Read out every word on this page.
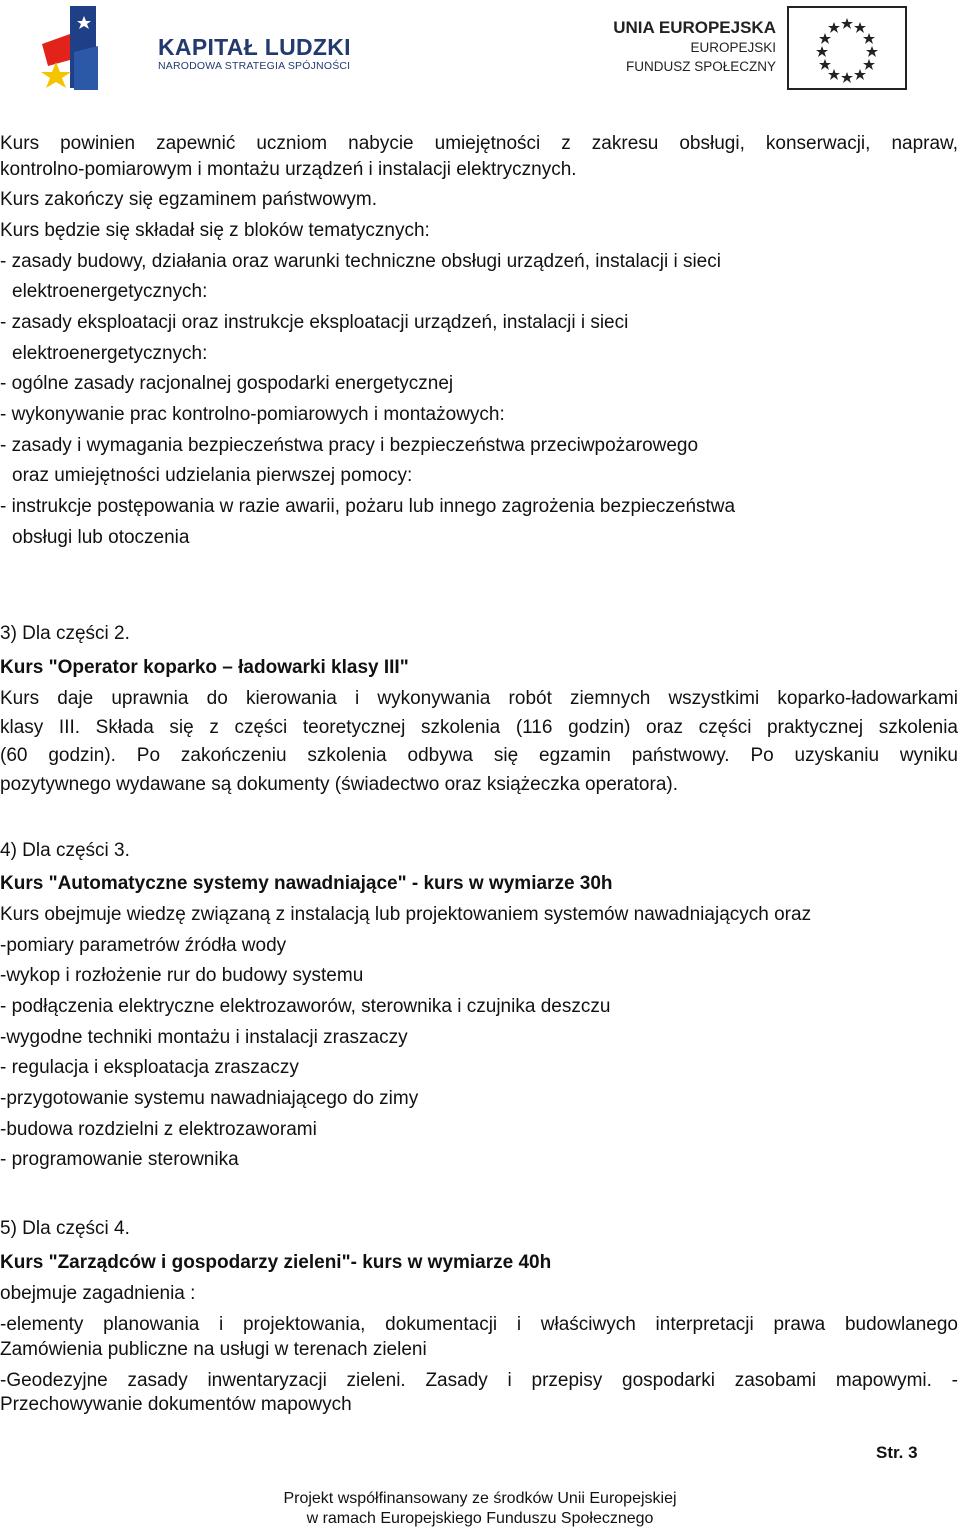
KAPITAŁ LUDZKI
NARODOWA STRATEGIA SPÓJNOŚCI
UNIA EUROPEJSKA
EUROPEJSKI
FUNDUSZ SPOŁECZNY
Kurs powinien zapewnić uczniom nabycie umiejętności z zakresu obsługi, konserwacji, napraw,
kontrolno-pomiarowym i montażu urządzeń i instalacji elektrycznych.
Kurs zakończy się egzaminem państwowym.
Kurs będzie się składał się z bloków tematycznych:
- zasady budowy, działania oraz warunki techniczne obsługi urządzeń, instalacji i sieci
elektroenergetycznych:
- zasady eksploatacji oraz instrukcje eksploatacji urządzeń, instalacji i sieci
elektroenergetycznych:
- ogólne zasady racjonalnej gospodarki energetycznej
- wykonywanie prac kontrolno-pomiarowych i montażowych:
- zasady i wymagania bezpieczeństwa pracy i bezpieczeństwa przeciwpożarowego
oraz umiejętności udzielania pierwszej pomocy:
- instrukcje postępowania w razie awarii, pożaru lub innego zagrożenia bezpieczeństwa
obsługi lub otoczenia
3) Dla części 2.
Kurs "Operator koparko – ładowarki klasy III"
Kurs daje uprawnia do kierowania i wykonywania robót ziemnych wszystkimi koparko-ładowarkami
klasy III. Składa się z części teoretycznej szkolenia (116 godzin) oraz części praktycznej szkolenia
(60 godzin). Po zakończeniu szkolenia odbywa się egzamin państwowy. Po uzyskaniu wyniku
pozytywnego wydawane są dokumenty (świadectwo oraz książeczka operatora).
4) Dla części 3.
Kurs "Automatyczne systemy nawadniające" - kurs w wymiarze 30h
Kurs obejmuje wiedzę związaną z instalacją lub projektowaniem systemów nawadniających oraz
-pomiary parametrów źródła wody
-wykop i rozłożenie rur do budowy systemu
- podłączenia elektryczne elektrozaworów, sterownika i czujnika deszczu
-wygodne techniki montażu i instalacji zraszaczy
- regulacja i eksploatacja zraszaczy
-przygotowanie systemu nawadniającego do zimy
-budowa rozdzielni z elektrozaworami
- programowanie sterownika
5) Dla części 4.
Kurs "Zarządców i gospodarzy zieleni"- kurs w wymiarze 40h
obejmuje zagadnienia :
-elementy planowania i projektowania, dokumentacji i właściwych interpretacji prawa budowlanego
Zamówienia publiczne na usługi w terenach zieleni
-Geodezyjne zasady inwentaryzacji zieleni. Zasady i przepisy gospodarki zasobami mapowymi. -
Przechowywanie dokumentów mapowych
Str. 3
Projekt współfinansowany ze środków Unii Europejskiej
w ramach Europejskiego Funduszu Społecznego
